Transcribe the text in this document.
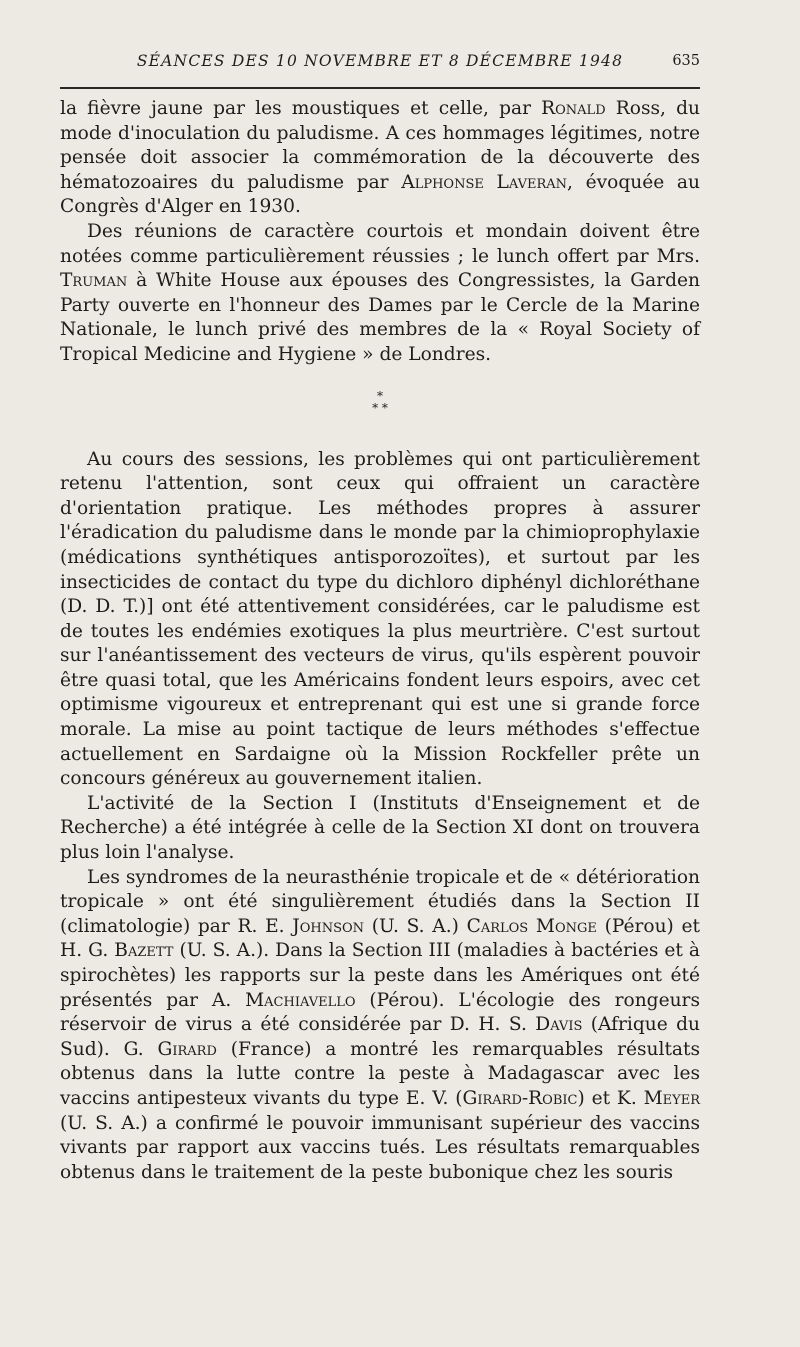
SÉANCES DES 10 NOVEMBRE ET 8 DÉCEMBRE 1948	635

la fièvre jaune par les moustiques et celle, par Ronald Ross, du mode d'inoculation du paludisme. A ces hommages légitimes, notre pensée doit associer la commémoration de la découverte des hématozoaires du paludisme par Alphonse Laveran, évoquée au Congrès d'Alger en 1930.

Des réunions de caractère courtois et mondain doivent être notées comme particulièrement réussies ; le lunch offert par Mrs. Truman à White House aux épouses des Congressistes, la Garden Party ouverte en l'honneur des Dames par le Cercle de la Marine Nationale, le lunch privé des membres de la « Royal Society of Tropical Medicine and Hygiene » de Londres.

*
* *

Au cours des sessions, les problèmes qui ont particulièrement retenu l'attention, sont ceux qui offraient un caractère d'orientation pratique. Les méthodes propres à assurer l'éradication du paludisme dans le monde par la chimioprophylaxie (médications synthétiques antisporozoïtes), et surtout par les insecticides de contact du type du dichloro diphényl dichloréthane (D. D. T.)] ont été attentivement considérées, car le paludisme est de toutes les endémies exotiques la plus meurtrière. C'est surtout sur l'anéantissement des vecteurs de virus, qu'ils espèrent pouvoir être quasi total, que les Américains fondent leurs espoirs, avec cet optimisme vigoureux et entreprenant qui est une si grande force morale. La mise au point tactique de leurs méthodes s'effectue actuellement en Sardaigne où la Mission Rockfeller prête un concours généreux au gouvernement italien.

L'activité de la Section I (Instituts d'Enseignement et de Recherche) a été intégrée à celle de la Section XI dont on trouvera plus loin l'analyse.

Les syndromes de la neurasthénie tropicale et de « détérioration tropicale » ont été singulièrement étudiés dans la Section II (climatologie) par R. E. Johnson (U. S. A.) Carlos Monge (Pérou) et H. G. Bazett (U. S. A.). Dans la Section III (maladies à bactéries et à spirochètes) les rapports sur la peste dans les Amériques ont été présentés par A. Machiavello (Pérou). L'écologie des rongeurs réservoir de virus a été considérée par D. H. S. Davis (Afrique du Sud). G. Girard (France) a montré les remarquables résultats obtenus dans la lutte contre la peste à Madagascar avec les vaccins antipesteux vivants du type E. V. (Girard-Robic) et K. Meyer (U. S. A.) a confirmé le pouvoir immunisant supérieur des vaccins vivants par rapport aux vaccins tués. Les résultats remarquables obtenus dans le traitement de la peste bubonique chez les souris
